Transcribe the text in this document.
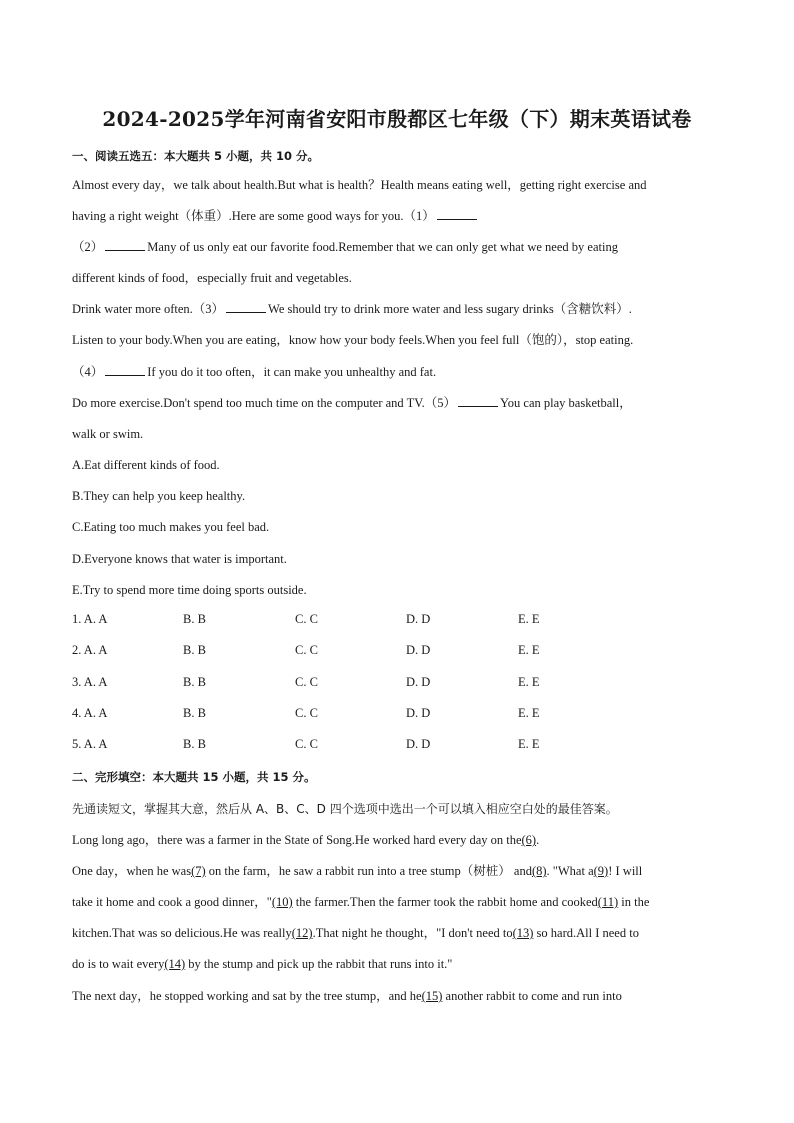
2024-2025学年河南省安阳市殷都区七年级（下）期末英语试卷
一、阅读五选五：本大题共 5 小题，共 10 分。
Almost every day，we talk about health.But what is health？Health means eating well，getting right exercise and
having a right weight（体重）.Here are some good ways for you.（1）
（2）	Many of us only eat our favorite food.Remember that we can only get what we need by eating
different kinds of food，especially fruit and vegetables.
Drink water more often.（3）	We should try to drink more water and less sugary drinks（含糖饮料）.
Listen to your body.When you are eating，know how your body feels.When you feel full（饱的），stop eating.
（4）	If you do it too often，it can make you unhealthy and fat.
Do more exercise.Don't spend too much time on the computer and TV.（5）	You can play basketball，
walk or swim.
A.Eat different kinds of food.
B.They can help you keep healthy.
C.Eating too much makes you feel bad.
D.Everyone knows that water is important.
E.Try to spend more time doing sports outside.
1. A. A	B. B	C. C	D. D	E. E
2. A. A	B. B	C. C	D. D	E. E
3. A. A	B. B	C. C	D. D	E. E
4. A. A	B. B	C. C	D. D	E. E
5. A. A	B. B	C. C	D. D	E. E
二、完形填空：本大题共 15 小题，共 15 分。
先通读短文，掌握其大意，然后从 A、B、C、D 四个选项中选出一个可以填入相应空白处的最佳答案。
Long long ago，there was a farmer in the State of Song.He worked hard every day on the(6).
One day，when he was(7) on the farm，he saw a rabbit run into a tree stump（树桩） and(8). "What a(9)! I will
take it home and cook a good dinner，"(10) the farmer.Then the farmer took the rabbit home and cooked(11) in the
kitchen.That was so delicious.He was really(12).That night he thought，"I don't need to(13) so hard.All I need to
do is to wait every(14) by the stump and pick up the rabbit that runs into it."
The next day，he stopped working and sat by the tree stump，and he(15) another rabbit to come and run into
